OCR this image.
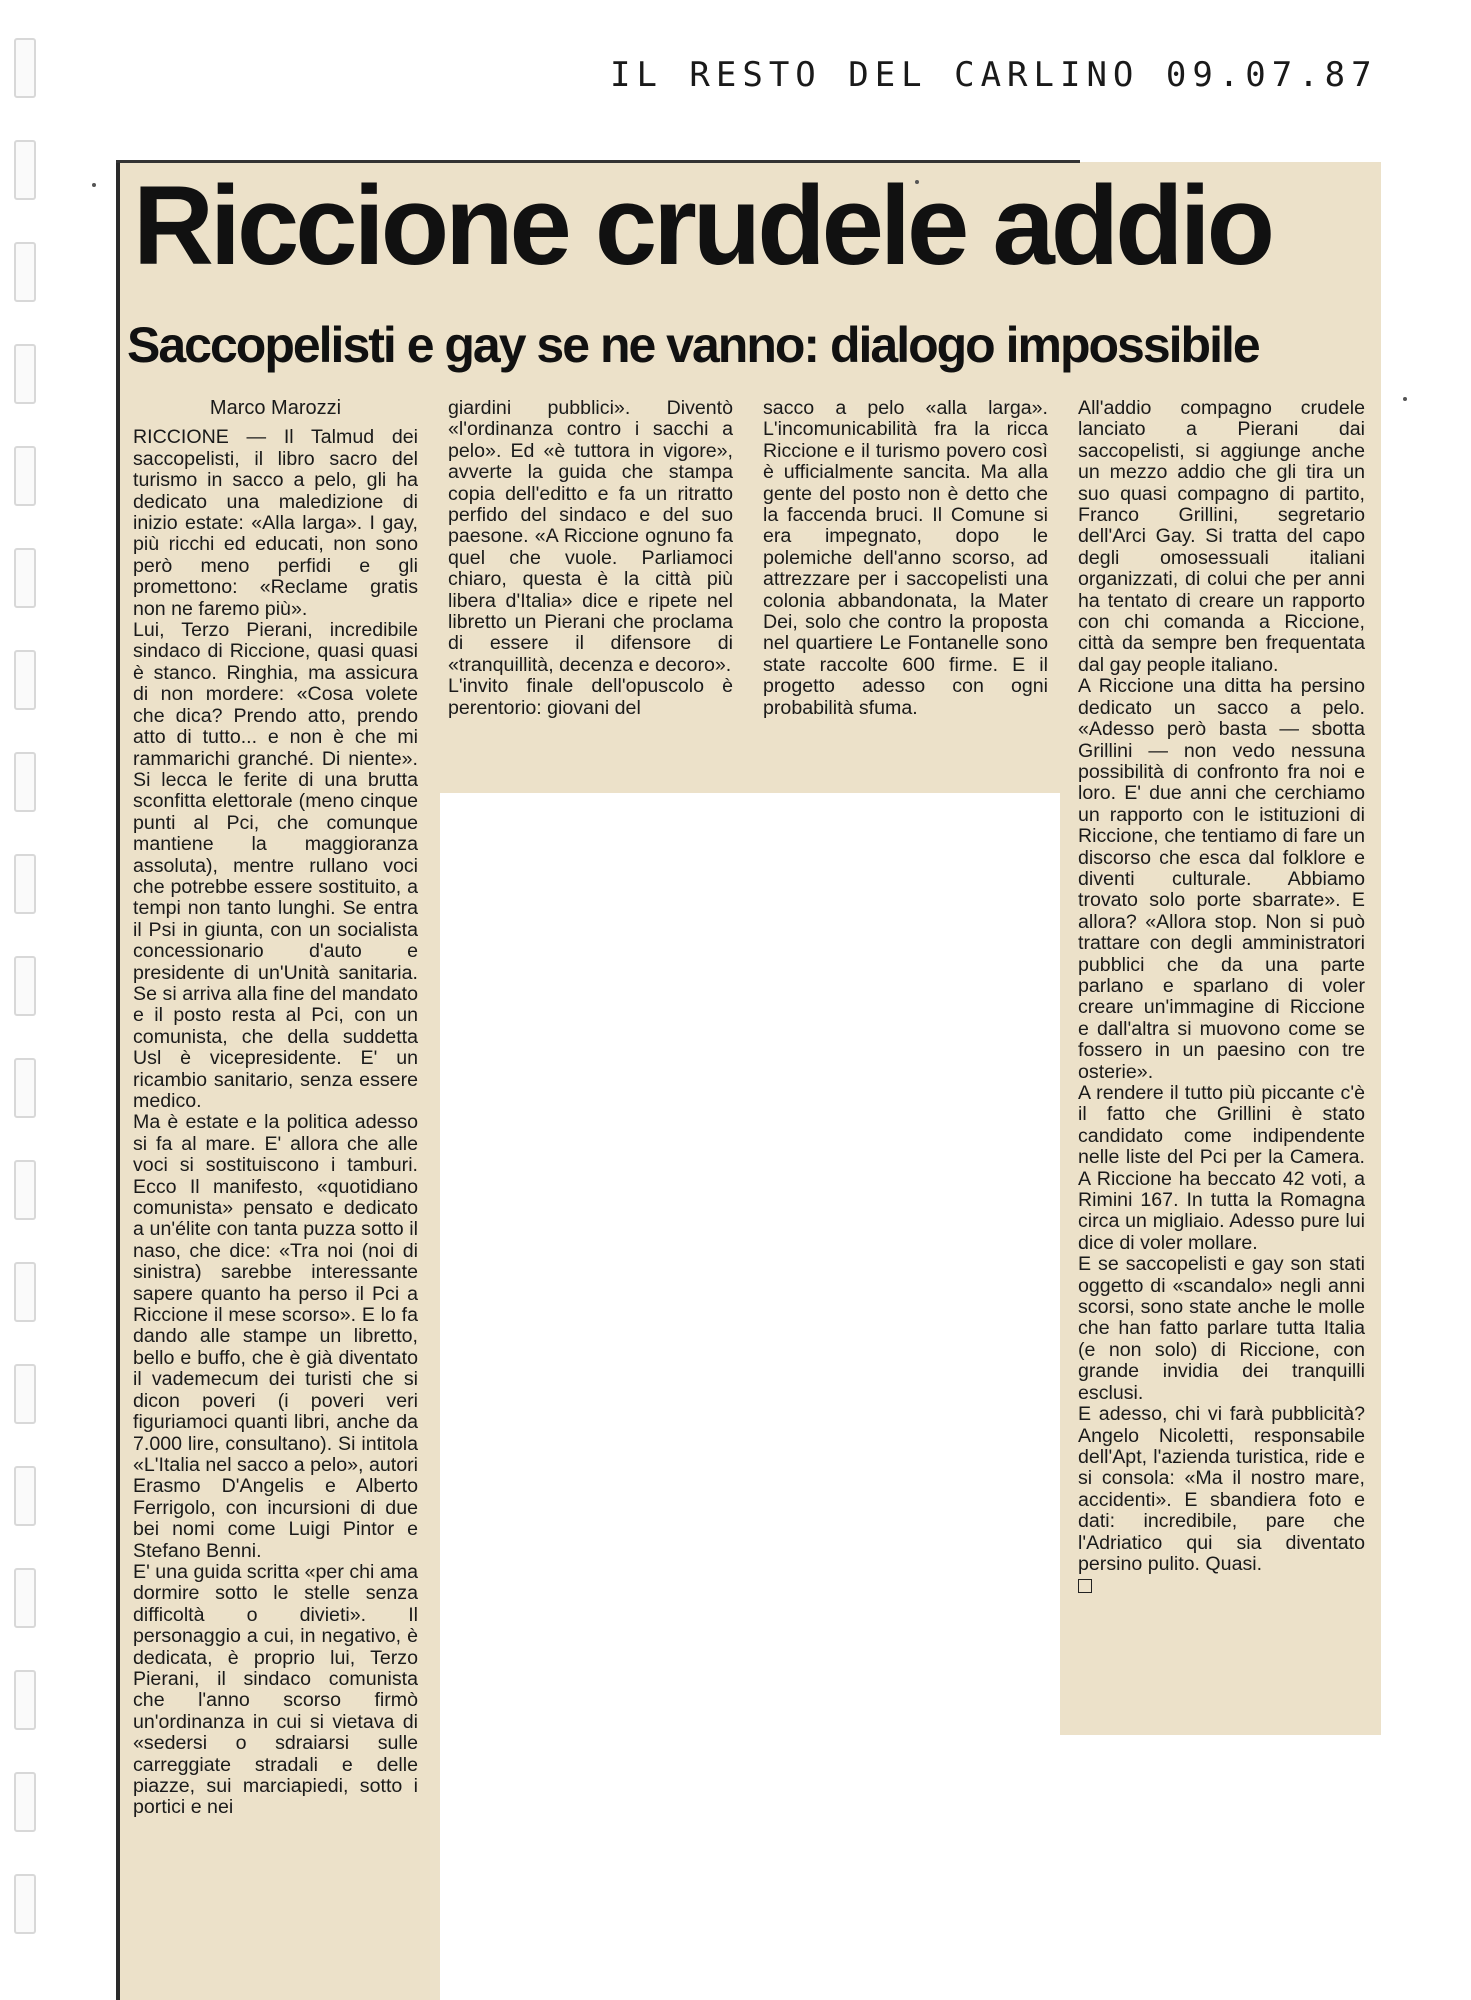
IL RESTO DEL CARLINO 09.07.87
Riccione crudele addio
Saccopelisti e gay se ne vanno: dialogo impossibile
Marco Marozzi

RICCIONE — Il Talmud dei saccopelisti, il libro sacro del turismo in sacco a pelo, gli ha dedicato una maledizione di inizio estate: «Alla larga». I gay, più ricchi ed educati, non sono però meno perfidi e gli promettono: «Reclame gratis non ne faremo più».

Lui, Terzo Pierani, incredibile sindaco di Riccione, quasi quasi è stanco. Ringhia, ma assicura di non mordere: «Cosa volete che dica? Prendo atto, prendo atto di tutto... e non è che mi rammarichi granché. Di niente». Si lecca le ferite di una brutta sconfitta elettorale (meno cinque punti al Pci, che comunque mantiene la maggioranza assoluta), mentre rullano voci che potrebbe essere sostituito, a tempi non tanto lunghi. Se entra il Psi in giunta, con un socialista concessionario d'auto e presidente di un'Unità sanitaria. Se si arriva alla fine del mandato e il posto resta al Pci, con un comunista, che della suddetta Usl è vicepresidente. E' un ricambio sanitario, senza essere medico.

Ma è estate e la politica adesso si fa al mare. E' allora che alle voci si sostituiscono i tamburi. Ecco Il manifesto, «quotidiano comunista» pensato e dedicato a un'élite con tanta puzza sotto il naso, che dice: «Tra noi (noi di sinistra) sarebbe interessante sapere quanto ha perso il Pci a Riccione il mese scorso». E lo fa dando alle stampe un libretto, bello e buffo, che è già diventato il vademecum dei turisti che si dicon poveri (i poveri veri figuriamoci quanti libri, anche da 7.000 lire, consultano). Si intitola «L'Italia nel sacco a pelo», autori Erasmo D'Angelis e Alberto Ferrigolo, con incursioni di due bei nomi come Luigi Pintor e Stefano Benni.

E' una guida scritta «per chi ama dormire sotto le stelle senza difficoltà o divieti». Il personaggio a cui, in negativo, è dedicata, è proprio lui, Terzo Pierani, il sindaco comunista che l'anno scorso firmò un'ordinanza in cui si vietava di «sedersi o sdraiarsi sulle carreggiate stradali e delle piazze, sui marciapiedi, sotto i portici e nei

giardini pubblici». Diventò «l'ordinanza contro i sacchi a pelo». Ed «è tuttora in vigore», avverte la guida che stampa copia dell'editto e fa un ritratto perfido del sindaco e del suo paesone. «A Riccione ognuno fa quel che vuole. Parliamoci chiaro, questa è la città più libera d'Italia» dice e ripete nel libretto un Pierani che proclama di essere il difensore di «tranquillità, decenza e decoro».

L'invito finale dell'opuscolo è perentorio: giovani del

sacco a pelo «alla larga». L'incomunicabilità fra la ricca Riccione e il turismo povero così è ufficialmente sancita. Ma alla gente del posto non è detto che la faccenda bruci. Il Comune si era impegnato, dopo le polemiche dell'anno scorso, ad attrezzare per i saccopelisti una colonia abbandonata, la Mater Dei, solo che contro la proposta nel quartiere Le Fontanelle sono state raccolte 600 firme. E il progetto adesso con ogni probabilità sfuma.

All'addio compagno crudele lanciato a Pierani dai saccopelisti, si aggiunge anche un mezzo addio che gli tira un suo quasi compagno di partito, Franco Grillini, segretario dell'Arci Gay. Si tratta del capo degli omosessuali italiani organizzati, di colui che per anni ha tentato di creare un rapporto con chi comanda a Riccione, città da sempre ben frequentata dal gay people italiano.

A Riccione una ditta ha persino dedicato un sacco a pelo. «Adesso però basta — sbotta Grillini — non vedo nessuna possibilità di confronto fra noi e loro. E' due anni che cerchiamo un rapporto con le istituzioni di Riccione, che tentiamo di fare un discorso che esca dal folklore e diventi culturale. Abbiamo trovato solo porte sbarrate». E allora? «Allora stop. Non si può trattare con degli amministratori pubblici che da una parte parlano e sparlano di voler creare un'immagine di Riccione e dall'altra si muovono come se fossero in un paesino con tre osterie».

A rendere il tutto più piccante c'è il fatto che Grillini è stato candidato come indipendente nelle liste del Pci per la Camera. A Riccione ha beccato 42 voti, a Rimini 167. In tutta la Romagna circa un migliaio. Adesso pure lui dice di voler mollare.

E se saccopelisti e gay son stati oggetto di «scandalo» negli anni scorsi, sono state anche le molle che han fatto parlare tutta Italia (e non solo) di Riccione, con grande invidia dei tranquilli esclusi.

E adesso, chi vi farà pubblicità? Angelo Nicoletti, responsabile dell'Apt, l'azienda turistica, ride e si consola: «Ma il nostro mare, accidenti». E sbandiera foto e dati: incredibile, pare che l'Adriatico qui sia diventato persino pulito. Quasi.
